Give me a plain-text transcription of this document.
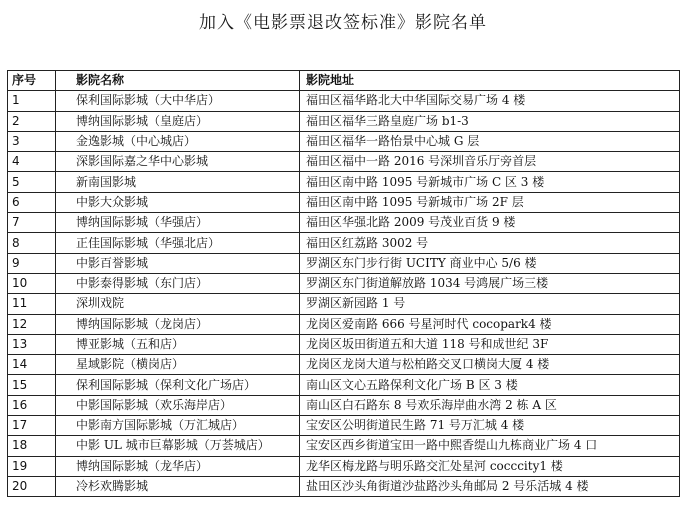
加入《电影票退改签标准》影院名单
序号	影院名称	影院地址
1	保利国际影城（大中华店）	福田区福华路北大中华国际交易广场 4 楼
2	博纳国际影城（皇庭店）	福田区福华三路皇庭广场 b1-3
3	金逸影城（中心城店）	福田区福华一路怡景中心城 G 层
4	深影国际嘉之华中心影城	福田区福中一路 2016 号深圳音乐厅旁首层
5	新南国影城	福田区南中路 1095 号新城市广场 C 区 3 楼
6	中影大众影城	福田区南中路 1095 号新城市广场 2F 层
7	博纳国际影城（华强店）	福田区华强北路 2009 号茂业百货 9 楼
8	正佳国际影城（华强北店）	福田区红荔路 3002 号
9	中影百誉影城	罗湖区东门步行街 UCITY 商业中心 5/6 楼
10	中影泰得影城（东门店）	罗湖区东门街道解放路 1034 号鸿展广场三楼
11	深圳戏院	罗湖区新园路 1 号
12	博纳国际影城（龙岗店）	龙岗区爱南路 666 号星河时代 cocopark4 楼
13	博亚影城（五和店）	龙岗区坂田街道五和大道 118 号和成世纪 3F
14	星域影院（横岗店）	龙岗区龙岗大道与松柏路交叉口横岗大厦 4 楼
15	保利国际影城（保利文化广场店）	南山区文心五路保利文化广场 B 区 3 楼
16	中影国际影城（欢乐海岸店）	南山区白石路东 8 号欢乐海岸曲水湾 2 栋 A 区
17	中影南方国际影城（万汇城店）	宝安区公明街道民生路 71 号万汇城 4 楼
18	中影 UL 城市巨幕影城（万荟城店）	宝安区西乡街道宝田一路中熙香缇山九栋商业广场 4 口
19	博纳国际影城（龙华店）	龙华区梅龙路与明乐路交汇处星河 cocccity1 楼
20	冷杉欢腾影城	盐田区沙头角街道沙盐路沙头角邮局 2 号乐活城 4 楼
